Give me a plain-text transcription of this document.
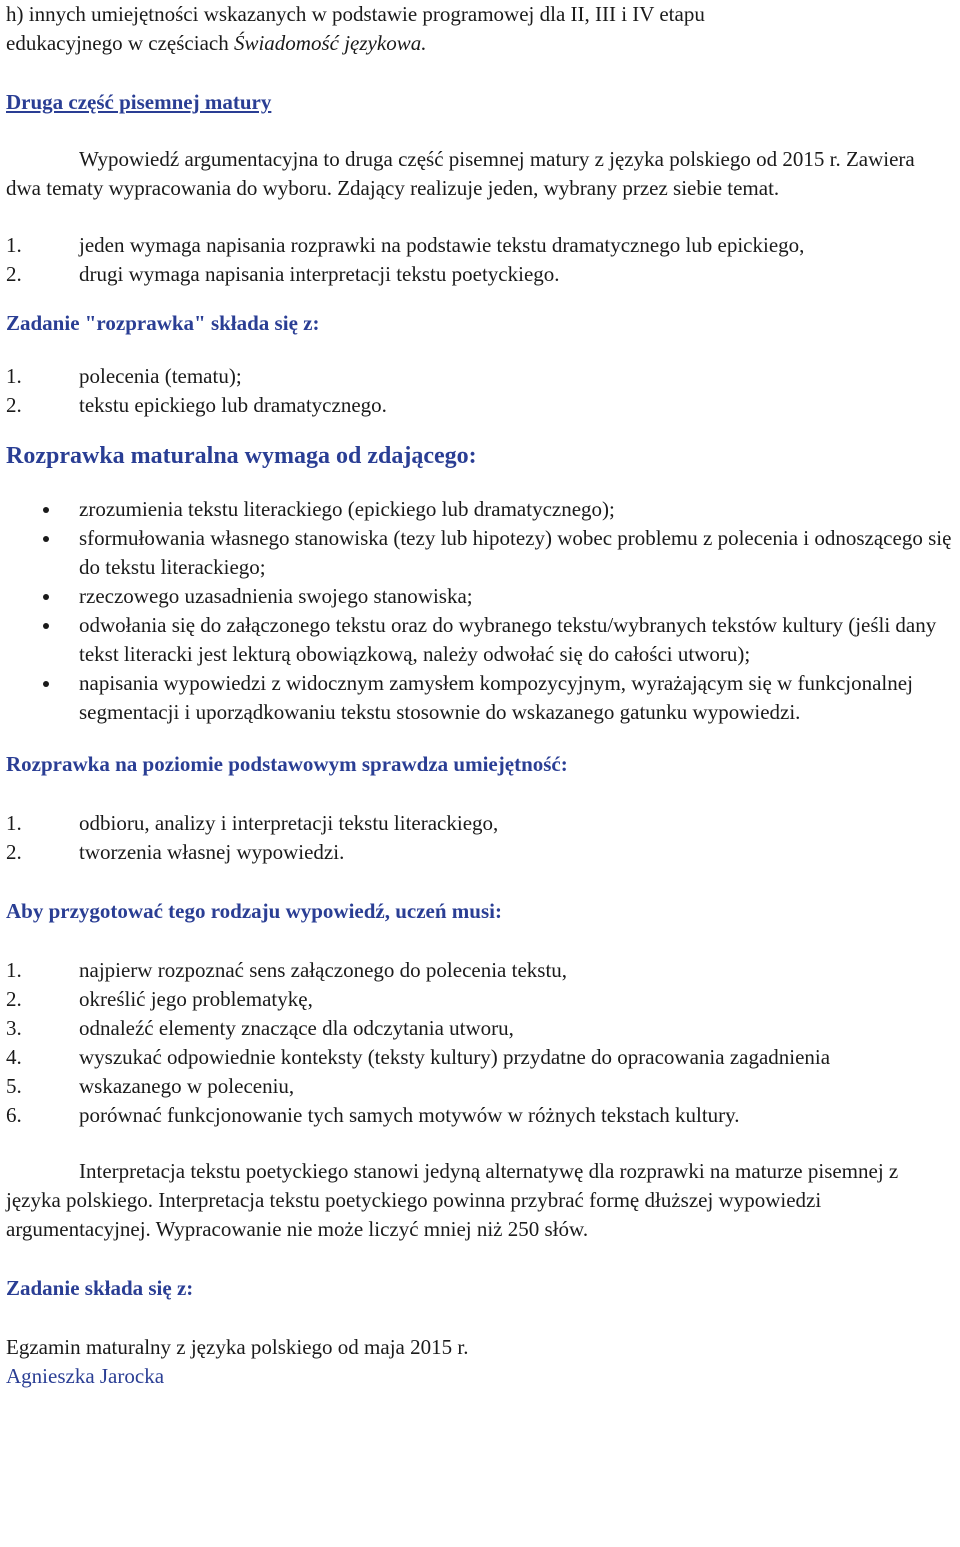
h) innych umiejętności wskazanych w podstawie programowej dla II, III i IV etapu
edukacyjnego w częściach Świadomość językowa.
Druga część pisemnej matury
Wypowiedź argumentacyjna to druga część pisemnej matury z języka polskiego od 2015 r. Zawiera dwa tematy wypracowania do wyboru. Zdający realizuje jeden, wybrany przez siebie temat.
1.	jeden wymaga napisania rozprawki na podstawie tekstu dramatycznego lub epickiego,
2.	drugi wymaga napisania interpretacji tekstu poetyckiego.
Zadanie "rozprawka" składa się z:
1.	polecenia (tematu);
2.	tekstu epickiego lub dramatycznego.
Rozprawka maturalna wymaga od zdającego:
zrozumienia tekstu literackiego (epickiego lub dramatycznego);
sformułowania własnego stanowiska (tezy lub hipotezy) wobec problemu z polecenia i odnoszącego się do tekstu literackiego;
rzeczowego uzasadnienia swojego stanowiska;
odwołania się do załączonego tekstu oraz do wybranego tekstu/wybranych tekstów kultury (jeśli dany tekst literacki jest lekturą obowiązkową, należy odwołać się do całości utworu);
napisania wypowiedzi z widocznym zamysłem kompozycyjnym, wyrażającym się w funkcjonalnej segmentacji i uporządkowaniu tekstu stosownie do wskazanego gatunku wypowiedzi.
Rozprawka na poziomie podstawowym sprawdza umiejętność:
1.	odbioru, analizy i interpretacji tekstu literackiego,
2.	tworzenia własnej wypowiedzi.
Aby przygotować tego rodzaju wypowiedź, uczeń musi:
1.	najpierw rozpoznać sens załączonego do polecenia tekstu,
2.	określić jego problematykę,
3.	odnaleźć elementy znaczące dla odczytania utworu,
4.	wyszukać odpowiednie konteksty (teksty kultury) przydatne do opracowania zagadnienia
5.	wskazanego w poleceniu,
6.	porównać funkcjonowanie tych samych motywów w różnych tekstach kultury.
Interpretacja tekstu poetyckiego stanowi jedyną alternatywę dla rozprawki na maturze pisemnej z języka polskiego. Interpretacja tekstu poetyckiego powinna przybrać formę dłuższej wypowiedzi argumentacyjnej. Wypracowanie nie może liczyć mniej niż 250 słów.
Zadanie składa się z:
Egzamin maturalny z języka polskiego od maja 2015 r.
Agnieszka Jarocka
